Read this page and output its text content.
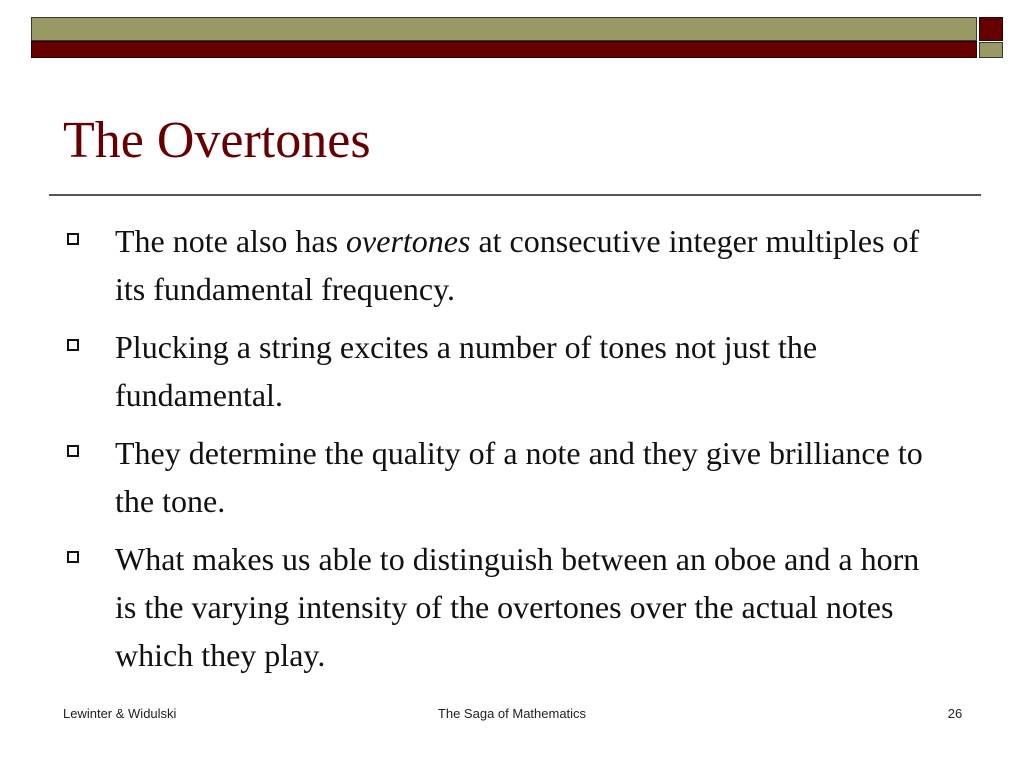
The Overtones
The note also has overtones at consecutive integer multiples of its fundamental frequency.
Plucking a string excites a number of tones not just the fundamental.
They determine the quality of a note and they give brilliance to the tone.
What makes us able to distinguish between an oboe and a horn is the varying intensity of the overtones over the actual notes which they play.
Lewinter & Widulski	The Saga of Mathematics	26
